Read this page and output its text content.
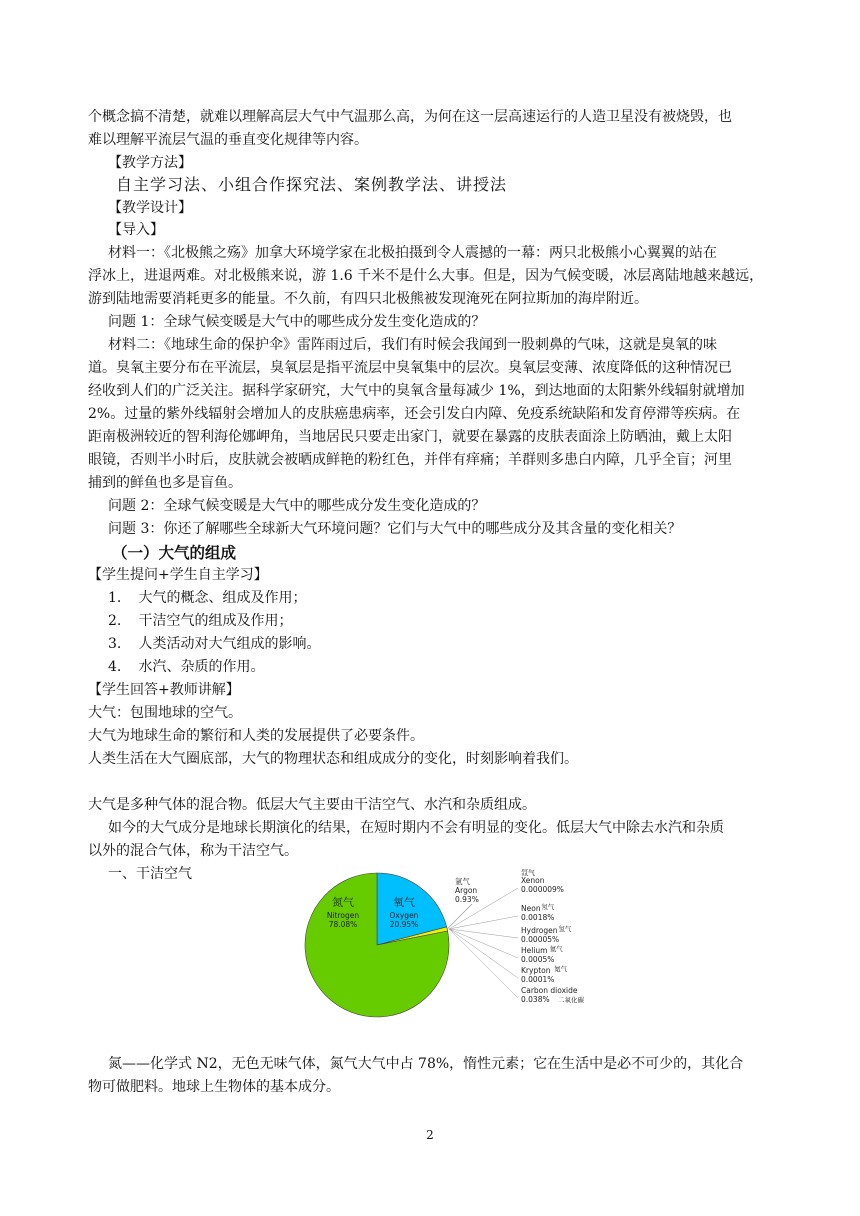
个概念搞不清楚，就难以理解高层大气中气温那么高，为何在这一层高速运行的人造卫星没有被烧毁，也
难以理解平流层气温的垂直变化规律等内容。
【教学方法】
自主学习法、小组合作探究法、案例教学法、讲授法
【教学设计】
【导入】
材料一：《北极熊之殇》加拿大环境学家在北极拍摄到令人震撼的一幕：两只北极熊小心翼翼的站在
浮冰上，进退两难。对北极熊来说，游 1.6 千米不是什么大事。但是，因为气候变暖，冰层离陆地越来越远，
游到陆地需要消耗更多的能量。不久前，有四只北极熊被发现淹死在阿拉斯加的海岸附近。
问题 1：全球气候变暖是大气中的哪些成分发生变化造成的？
材料二：《地球生命的保护伞》雷阵雨过后，我们有时候会我闻到一股刺鼻的气味，这就是臭氧的味
道。臭氧主要分布在平流层，臭氧层是指平流层中臭氧集中的层次。臭氧层变薄、浓度降低的这种情况已
经收到人们的广泛关注。据科学家研究，大气中的臭氧含量每减少 1%，到达地面的太阳紫外线辐射就增加
2%。过量的紫外线辐射会增加人的皮肤癌患病率，还会引发白内障、免疫系统缺陷和发育停滞等疾病。在
距南极洲较近的智利海伦娜岬角，当地居民只要走出家门，就要在暴露的皮肤表面涂上防晒油，戴上太阳
眼镜，否则半小时后，皮肤就会被晒成鲜艳的粉红色，并伴有痒痛；羊群则多患白内障，几乎全盲；河里
捕到的鲜鱼也多是盲鱼。
问题 2：全球气候变暖是大气中的哪些成分发生变化造成的？
问题 3：你还了解哪些全球新大气环境问题？它们与大气中的哪些成分及其含量的变化相关？
（一）大气的组成
【学生提问+学生自主学习】
1. 大气的概念、组成及作用；
2. 干洁空气的组成及作用；
3. 人类活动对大气组成的影响。
4. 水汽、杂质的作用。
【学生回答+教师讲解】
大气：包围地球的空气。
大气为地球生命的繁衍和人类的发展提供了必要条件。
人类生活在大气圈底部，大气的物理状态和组成成分的变化，时刻影响着我们。
大气是多种气体的混合物。低层大气主要由干洁空气、水汽和杂质组成。
如今的大气成分是地球长期演化的结果，在短时期内不会有明显的变化。低层大气中除去水汽和杂质
以外的混合气体，称为干洁空气。
一、干洁空气
氮气
Nitrogen
78.08%
氧气
Oxygen
20.95%
氩气
Argon
0.93%
氙气
Xenon
0.000009%
Neon 氖气
0.0018%
Hydrogen 氢气
0.00005%
Helium 氦气
0.0005%
Krypton 氪气
0.0001%
Carbon dioxide
0.038% 二氧化碳
氮——化学式 N2，无色无味气体，氮气大气中占 78%，惰性元素；它在生活中是必不可少的，其化合
物可做肥料。地球上生物体的基本成分。
2
